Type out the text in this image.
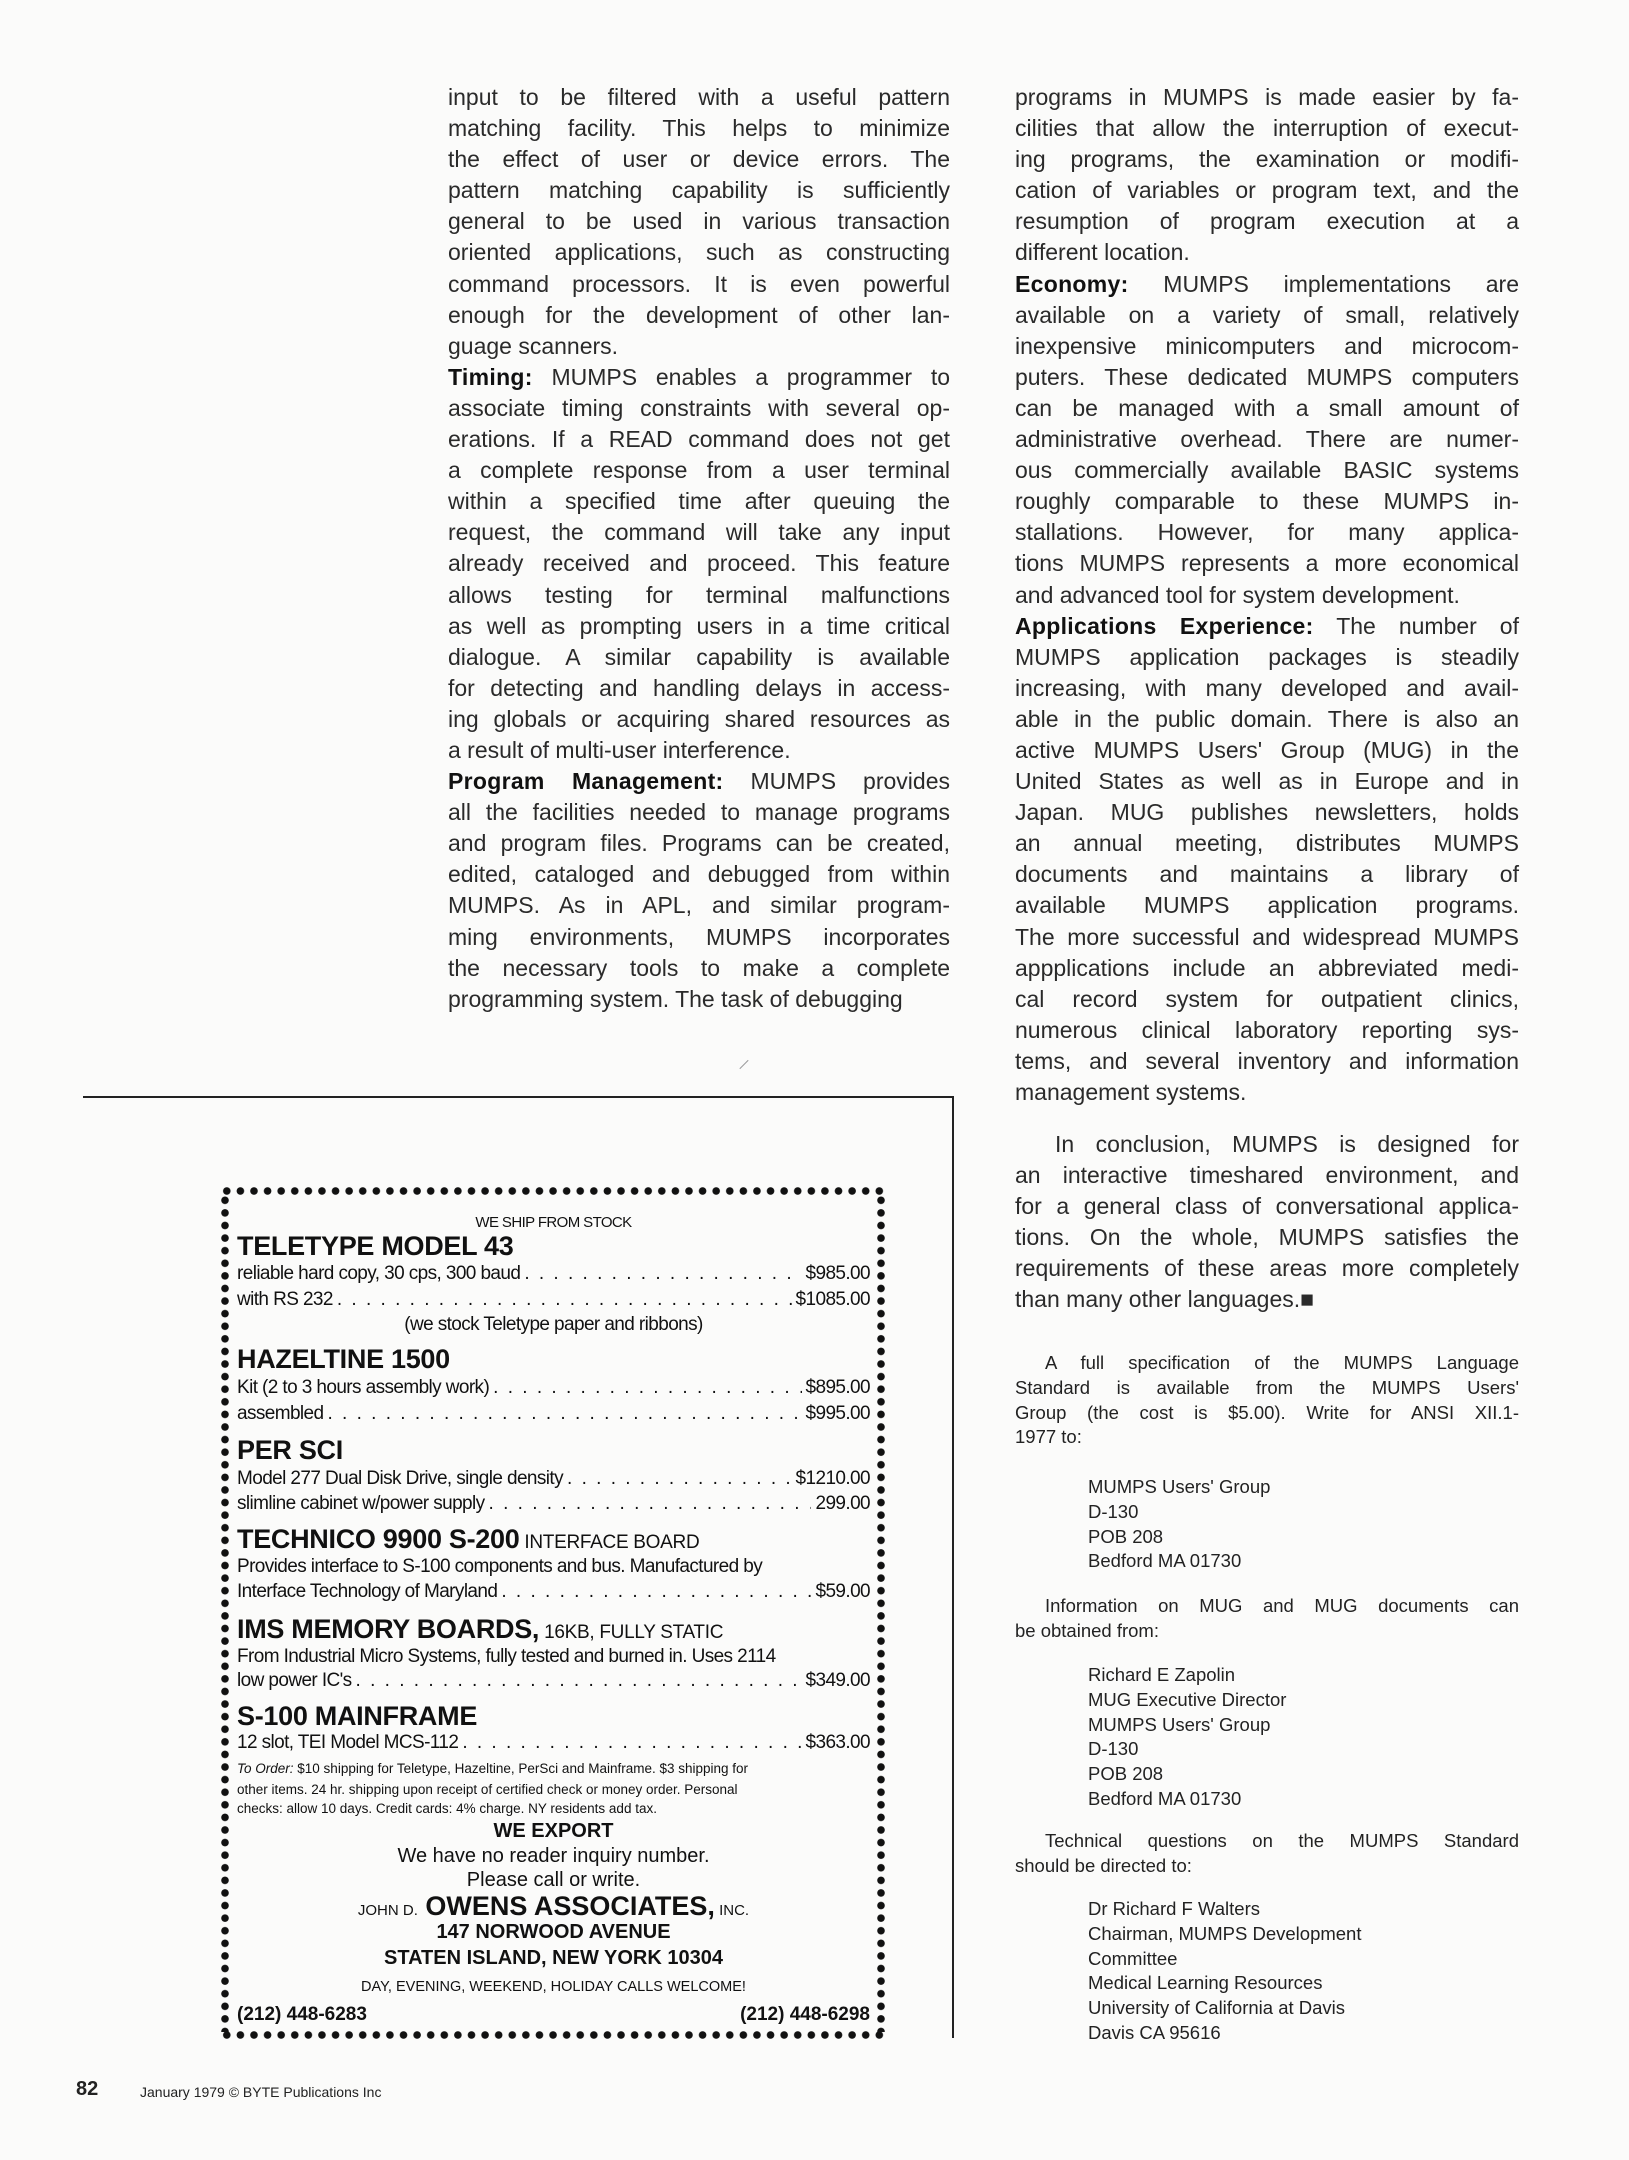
input to be filtered with a useful pattern
matching facility. This helps to minimize
the effect of user or device errors. The
pattern matching capability is sufficiently
general to be used in various transaction
oriented applications, such as constructing
command processors. It is even powerful
enough for the development of other lan-
guage scanners.
Timing: MUMPS enables a programmer to
associate timing constraints with several op-
erations. If a READ command does not get
a complete response from a user terminal
within a specified time after queuing the
request, the command will take any input
already received and proceed. This feature
allows testing for terminal malfunctions
as well as prompting users in a time critical
dialogue. A similar capability is available
for detecting and handling delays in access-
ing globals or acquiring shared resources as
a result of multi-user interference.
Program Management: MUMPS provides
all the facilities needed to manage programs
and program files. Programs can be created,
edited, cataloged and debugged from within
MUMPS. As in APL, and similar program-
ming environments, MUMPS incorporates
the necessary tools to make a complete
programming system. The task of debugging
programs in MUMPS is made easier by fa-
cilities that allow the interruption of execut-
ing programs, the examination or modifi-
cation of variables or program text, and the
resumption of program execution at a
different location.
Economy: MUMPS implementations are
available on a variety of small, relatively
inexpensive minicomputers and microcom-
puters. These dedicated MUMPS computers
can be managed with a small amount of
administrative overhead. There are numer-
ous commercially available BASIC systems
roughly comparable to these MUMPS in-
stallations. However, for many applica-
tions MUMPS represents a more economical
and advanced tool for system development.
Applications Experience: The number of
MUMPS application packages is steadily
increasing, with many developed and avail-
able in the public domain. There is also an
active MUMPS Users' Group (MUG) in the
United States as well as in Europe and in
Japan. MUG publishes newsletters, holds
an annual meeting, distributes MUMPS
documents and maintains a library of
available MUMPS application programs.
The more successful and widespread MUMPS
appplications include an abbreviated medi-
cal record system for outpatient clinics,
numerous clinical laboratory reporting sys-
tems, and several inventory and information
management systems.
In conclusion, MUMPS is designed for
an interactive timeshared environment, and
for a general class of conversational applica-
tions. On the whole, MUMPS satisfies the
requirements of these areas more completely
than many other languages.■
A full specification of the MUMPS Language
Standard is available from the MUMPS Users'
Group (the cost is $5.00). Write for ANSI XII.1-
1977 to:
MUMPS Users' Group
D-130
POB 208
Bedford MA 01730
Information on MUG and MUG documents can
be obtained from:
Richard E Zapolin
MUG Executive Director
MUMPS Users' Group
D-130
POB 208
Bedford MA 01730
Technical questions on the MUMPS Standard
should be directed to:
Dr Richard F Walters
Chairman, MUMPS Development
Committee
Medical Learning Resources
University of California at Davis
Davis CA 95616
WE SHIP FROM STOCK
TELETYPE MODEL 43
reliable hard copy, 30 cps, 300 baud . . .	$985.00
with RS 232 . . .	$1085.00
(we stock Teletype paper and ribbons)
HAZELTINE 1500
Kit (2 to 3 hours assembly work) . . .	$895.00
assembled . . .	$995.00
PER SCI
Model 277 Dual Disk Drive, single density . . .	$1210.00
slimline cabinet w/power supply . . .	299.00
TECHNICO 9900 S-200 INTERFACE BOARD
Provides interface to S-100 components and bus. Manufactured by
Interface Technology of Maryland . . .	$59.00
IMS MEMORY BOARDS, 16KB, FULLY STATIC
From Industrial Micro Systems, fully tested and burned in. Uses 2114
low power IC's . . .	$349.00
S-100 MAINFRAME
12 slot, TEI Model MCS-112 . . .	$363.00
To Order: $10 shipping for Teletype, Hazeltine, PerSci and Mainframe. $3 shipping for
other items. 24 hr. shipping upon receipt of certified check or money order. Personal
checks: allow 10 days. Credit cards: 4% charge. NY residents add tax.
WE EXPORT
We have no reader inquiry number.
Please call or write.
JOHN D. OWENS ASSOCIATES, INC.
147 NORWOOD AVENUE
STATEN ISLAND, NEW YORK 10304
DAY, EVENING, WEEKEND, HOLIDAY CALLS WELCOME!
(212) 448-6283	(212) 448-6298
82	January 1979 © BYTE Publications Inc
